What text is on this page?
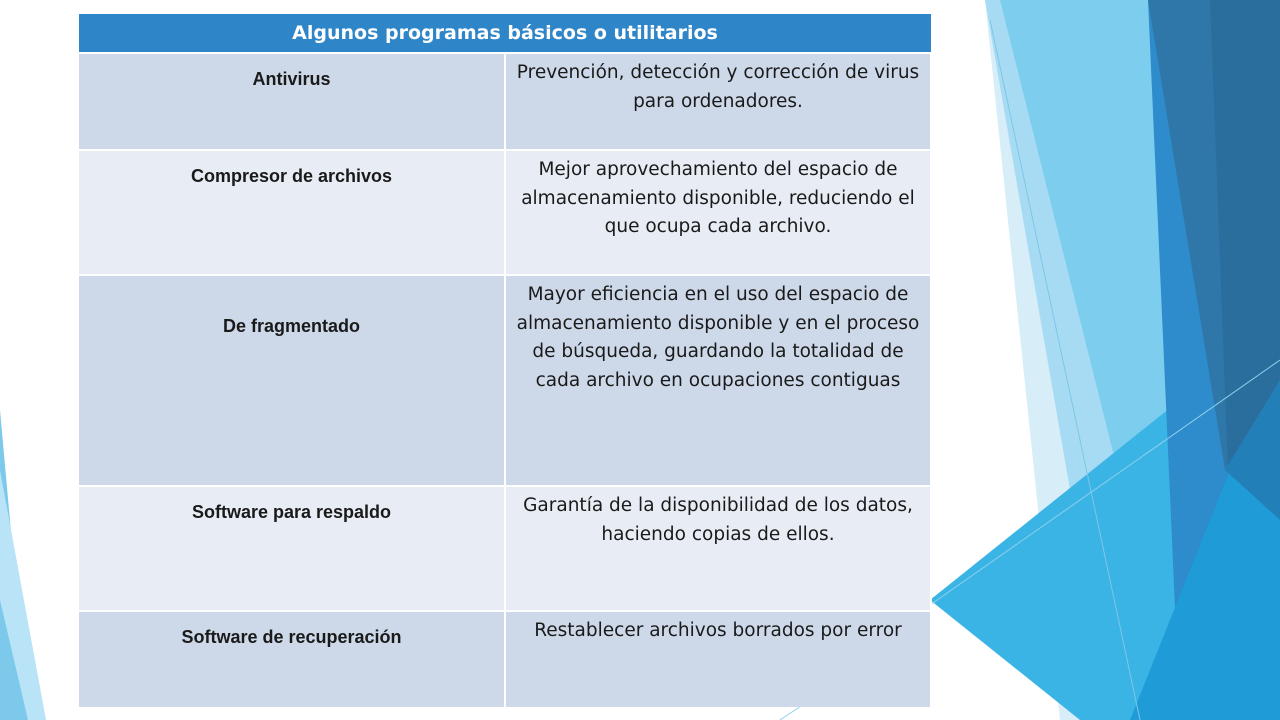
Algunos programas básicos o utilitarios	
Antivirus	Prevención, detección y corrección de virus para ordenadores.
Compresor de archivos	Mejor aprovechamiento del espacio de almacenamiento disponible, reduciendo el que ocupa cada archivo.
De fragmentado	Mayor eficiencia en el uso del espacio de almacenamiento disponible y en el proceso de búsqueda, guardando la totalidad de cada archivo en ocupaciones contiguas
Software para respaldo	Garantía de la disponibilidad de los datos, haciendo copias de ellos.
Software de recuperación	Restablecer archivos borrados por error
